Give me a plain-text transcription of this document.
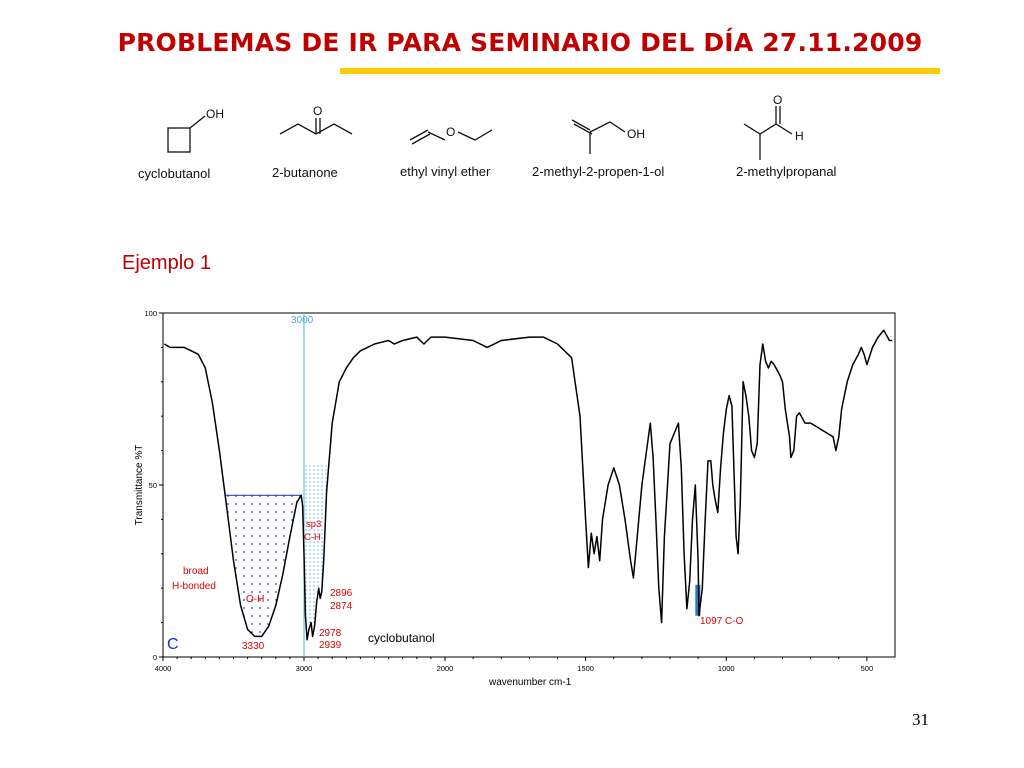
PROBLEMAS DE IR PARA SEMINARIO DEL DÍA 27.11.2009
OH	O
O	OH
O
H
cyclobutanol	2-butanone	ethyl vinyl ether	2-methyl-2-propen-1-ol	2-methylpropanal
Ejemplo 1
3000
4000	3000	2000	1500	1000	500
0
50
100
wavenumber cm-1
Transmittance %T
broad
H-bonded
O-H
3330
sp3
C-H
2896
2874
2978
2939
1097 C-O
cyclobutanol
C
31
